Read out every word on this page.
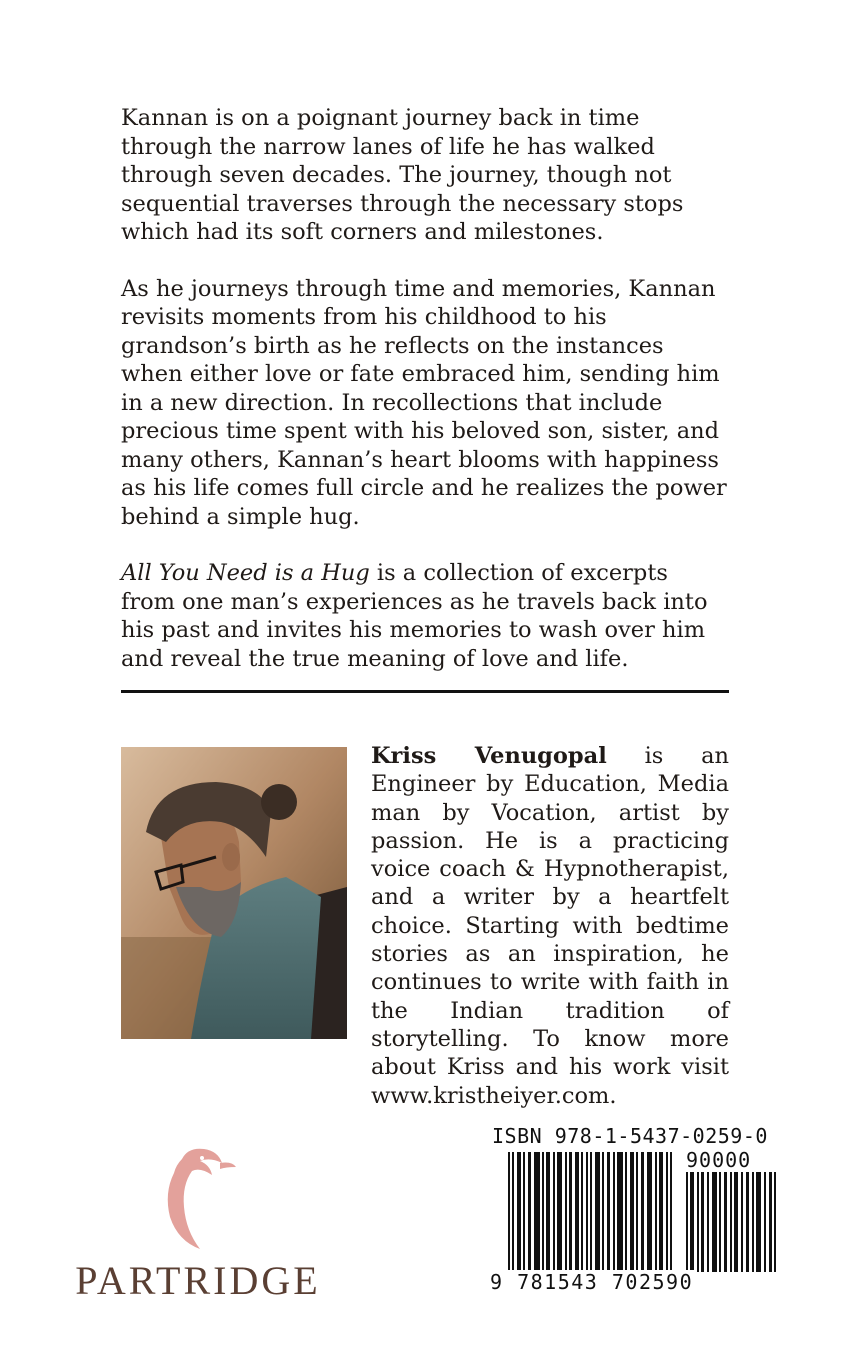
Kannan is on a poignant journey back in time through the narrow lanes of life he has walked through seven decades. The journey, though not sequential traverses through the necessary stops which had its soft corners and milestones.

As he journeys through time and memories, Kannan revisits moments from his childhood to his grandson’s birth as he reflects on the instances when either love or fate embraced him, sending him in a new direction. In recollections that include precious time spent with his beloved son, sister, and many others, Kannan’s heart blooms with happiness as his life comes full circle and he realizes the power behind a simple hug.

All You Need is a Hug is a collection of excerpts from one man’s experiences as he travels back into his past and invites his memories to wash over him and reveal the true meaning of love and life.

Kriss Venugopal is an Engineer by Education, Media man by Vocation, artist by passion. He is a practicing voice coach & Hypnotherapist, and a writer by a heartfelt choice. Starting with bedtime stories as an inspiration, he continues to write with faith in the Indian tradition of storytelling. To know more about Kriss and his work visit www.kristheiyer.com.
PARTRIDGE
ISBN 978-1-5437-0259-0
90000
9 781543 702590
